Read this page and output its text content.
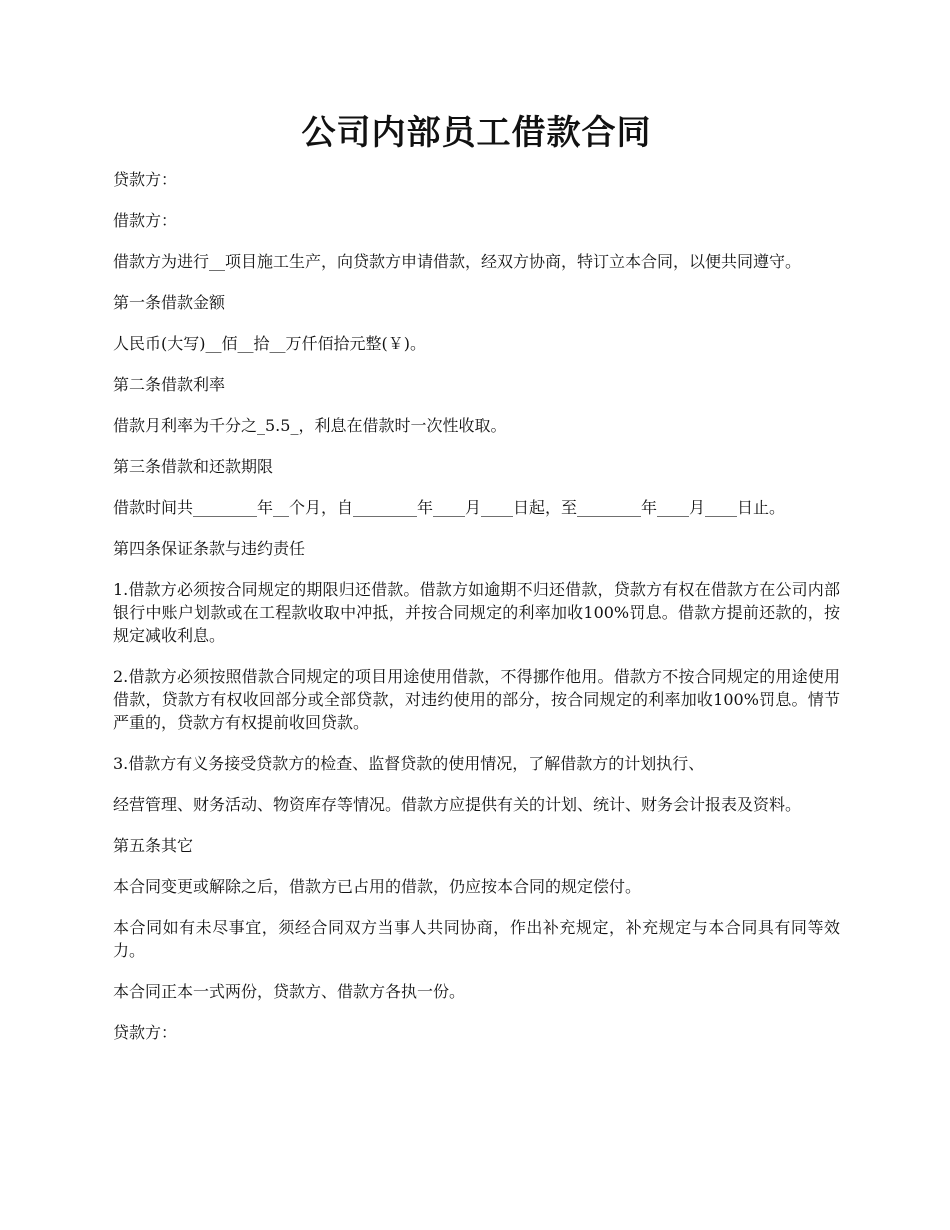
公司内部员工借款合同

贷款方：

借款方：

借款方为进行__项目施工生产，向贷款方申请借款，经双方协商，特订立本合同，以便共同遵守。

第一条借款金额

人民币(大写)__佰__拾__万仟佰拾元整(￥)。

第二条借款利率

借款月利率为千分之_5.5_，利息在借款时一次性收取。

第三条借款和还款期限

借款时间共________年__个月，自________年____月____日起，至________年____月____日止。

第四条保证条款与违约责任

1.借款方必须按合同规定的期限归还借款。借款方如逾期不归还借款，贷款方有权在借款方在公司内部银行中账户划款或在工程款收取中冲抵，并按合同规定的利率加收100%罚息。借款方提前还款的，按规定减收利息。

2.借款方必须按照借款合同规定的项目用途使用借款，不得挪作他用。借款方不按合同规定的用途使用借款，贷款方有权收回部分或全部贷款，对违约使用的部分，按合同规定的利率加收100%罚息。情节严重的，贷款方有权提前收回贷款。

3.借款方有义务接受贷款方的检查、监督贷款的使用情况，了解借款方的计划执行、

经营管理、财务活动、物资库存等情况。借款方应提供有关的计划、统计、财务会计报表及资料。

第五条其它

本合同变更或解除之后，借款方已占用的借款，仍应按本合同的规定偿付。

本合同如有未尽事宜，须经合同双方当事人共同协商，作出补充规定，补充规定与本合同具有同等效力。

本合同正本一式两份，贷款方、借款方各执一份。

贷款方：
